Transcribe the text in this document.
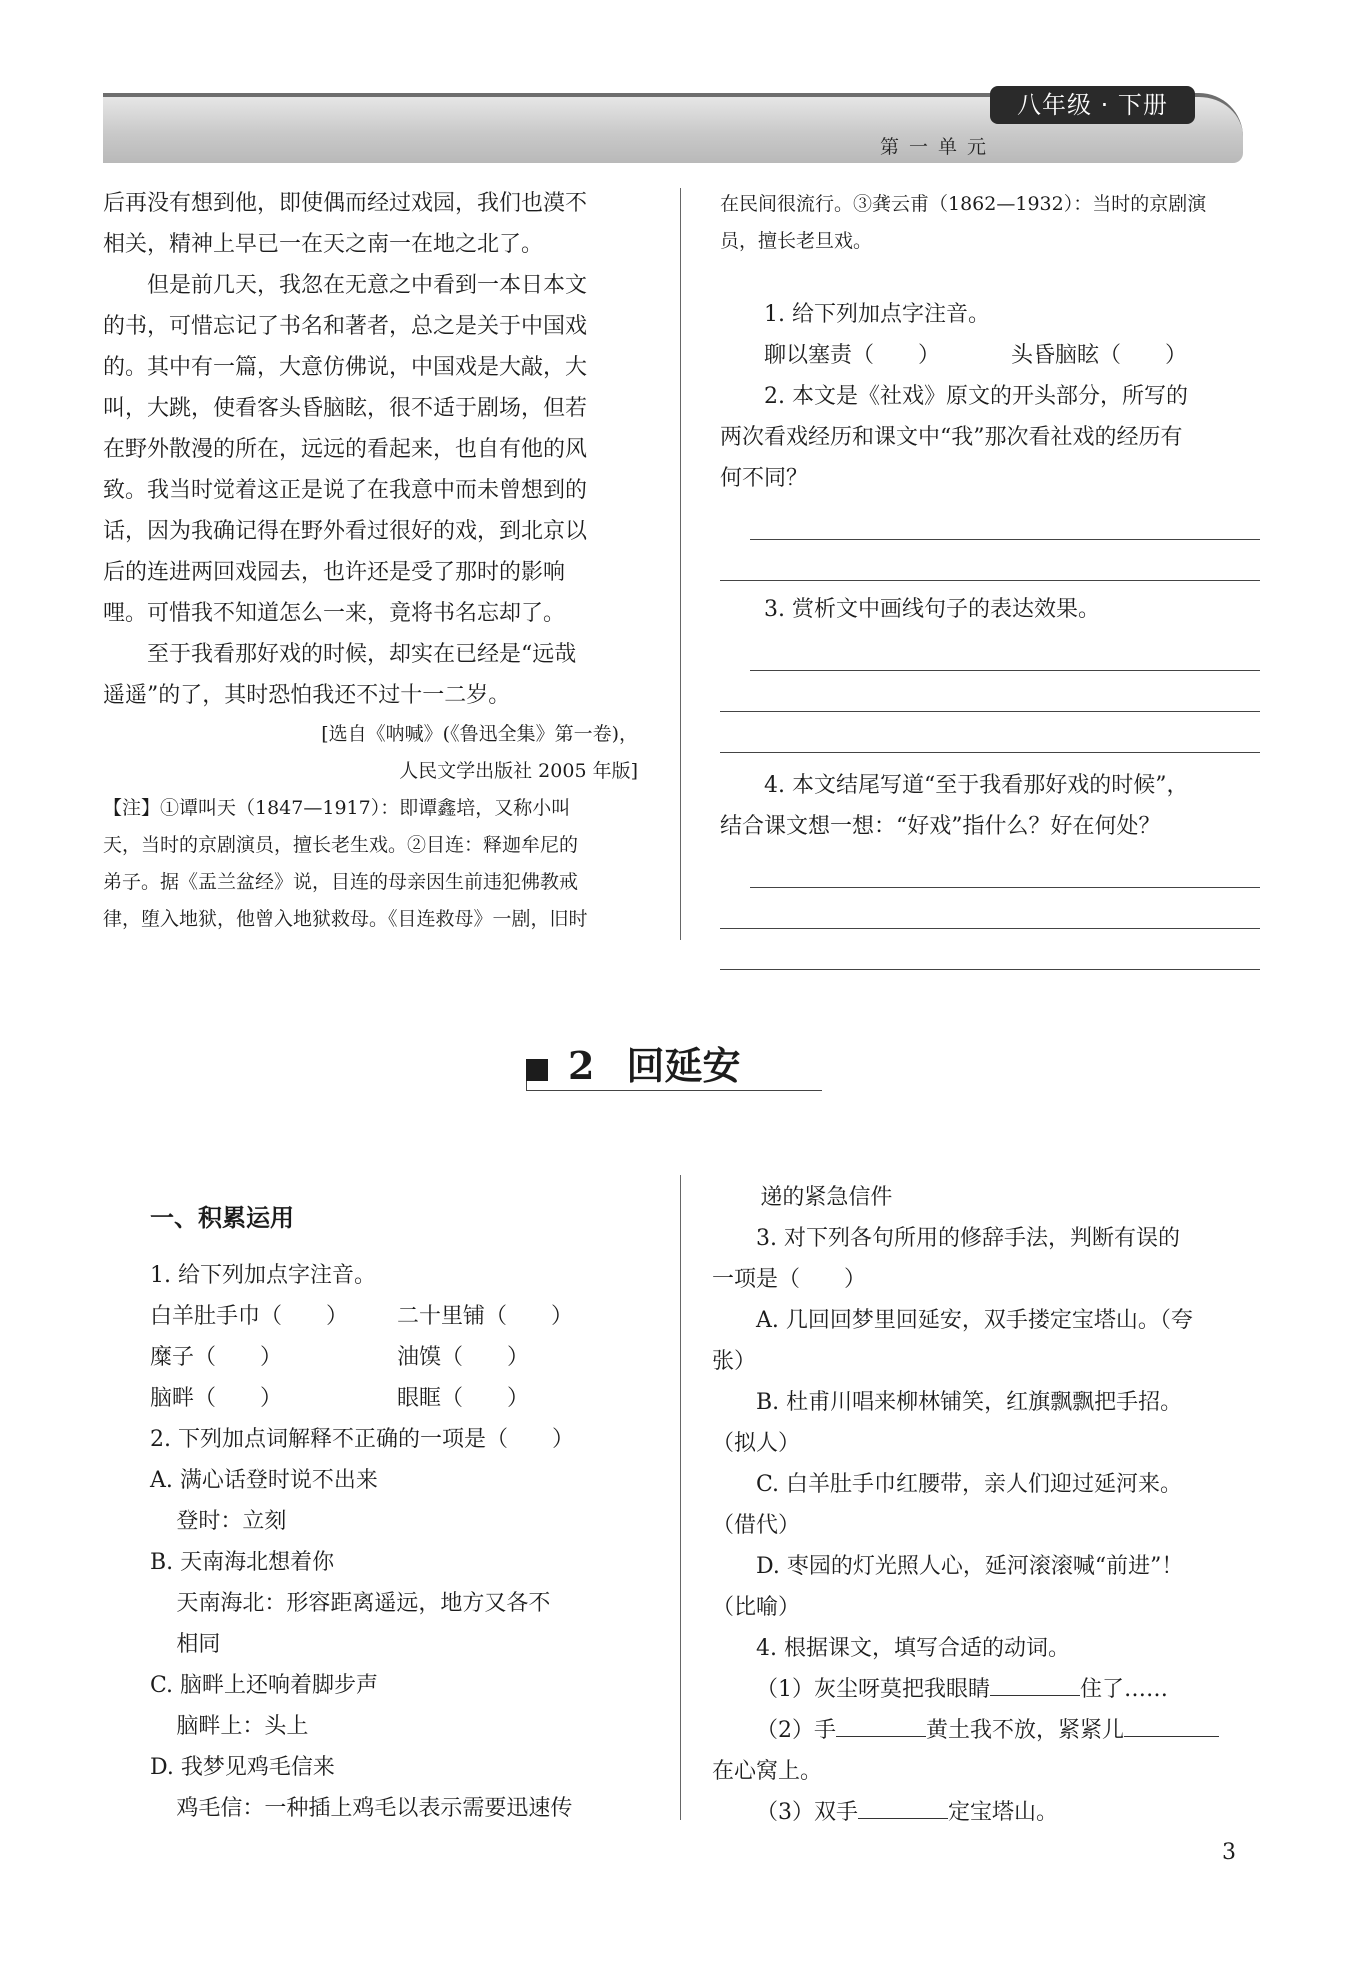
八年级 · 下册
第一单元

后再没有想到他，即使偶而经过戏园，我们也漠不

相关，精神上早已一在天之南一在地之北了。

但是前几天，我忽在无意之中看到一本日本文

的书，可惜忘记了书名和著者，总之是关于中国戏

的。其中有一篇，大意仿佛说，中国戏是大敲，大

叫，大跳，使看客头昏脑眩，很不适于剧场，但若

在野外散漫的所在，远远的看起来，也自有他的风

致。我当时觉着这正是说了在我意中而未曾想到的

话，因为我确记得在野外看过很好的戏，到北京以

后的连进两回戏园去，也许还是受了那时的影响

哩。可惜我不知道怎么一来，竟将书名忘却了。

至于我看那好戏的时候，却实在已经是“远哉

遥遥”的了，其时恐怕我还不过十一二岁。

[选自《呐喊》(《鲁迅全集》第一卷)，

人民文学出版社 2005 年版]

【注】①谭叫天（1847—1917）：即谭鑫培，又称小叫

天，当时的京剧演员，擅长老生戏。②目连：释迦牟尼的

弟子。据《盂兰盆经》说，目连的母亲因生前违犯佛教戒

律，堕入地狱，他曾入地狱救母。《目连救母》一剧，旧时

在民间很流行。③龚云甫（1862—1932）：当时的京剧演

员，擅长老旦戏。

1. 给下列加点字注音。

聊以塞责（　　）	头昏脑眩（　　）

2. 本文是《社戏》原文的开头部分，所写的

两次看戏经历和课文中“我”那次看社戏的经历有

何不同？

3. 赏析文中画线句子的表达效果。

4. 本文结尾写道“至于我看那好戏的时候”，

结合课文想一想：“好戏”指什么？好在何处？

2 回延安

一、积累运用

1. 给下列加点字注音。

白羊肚手巾（　　） 二十里铺（　　）

糜子（　　）	油馍（　　）

脑畔（　　）	眼眶（　　）

2. 下列加点词解释不正确的一项是（　　）

A. 满心话登时说不出来

登时：立刻

B. 天南海北想着你

天南海北：形容距离遥远，地方又各不

相同

C. 脑畔上还响着脚步声

脑畔上：头上

D. 我梦见鸡毛信来

鸡毛信：一种插上鸡毛以表示需要迅速传

递的紧急信件

3. 对下列各句所用的修辞手法，判断有误的

一项是（　　）

A. 几回回梦里回延安，双手搂定宝塔山。（夸

张）

B. 杜甫川唱来柳林铺笑，红旗飘飘把手招。

（拟人）

C. 白羊肚手巾红腰带，亲人们迎过延河来。

（借代）

D. 枣园的灯光照人心，延河滚滚喊“前进”！

（比喻）

4. 根据课文，填写合适的动词。

（1）灰尘呀莫把我眼睛	住了……

（2）手	黄土我不放，紧紧儿

在心窝上。

（3）双手	定宝塔山。

3
